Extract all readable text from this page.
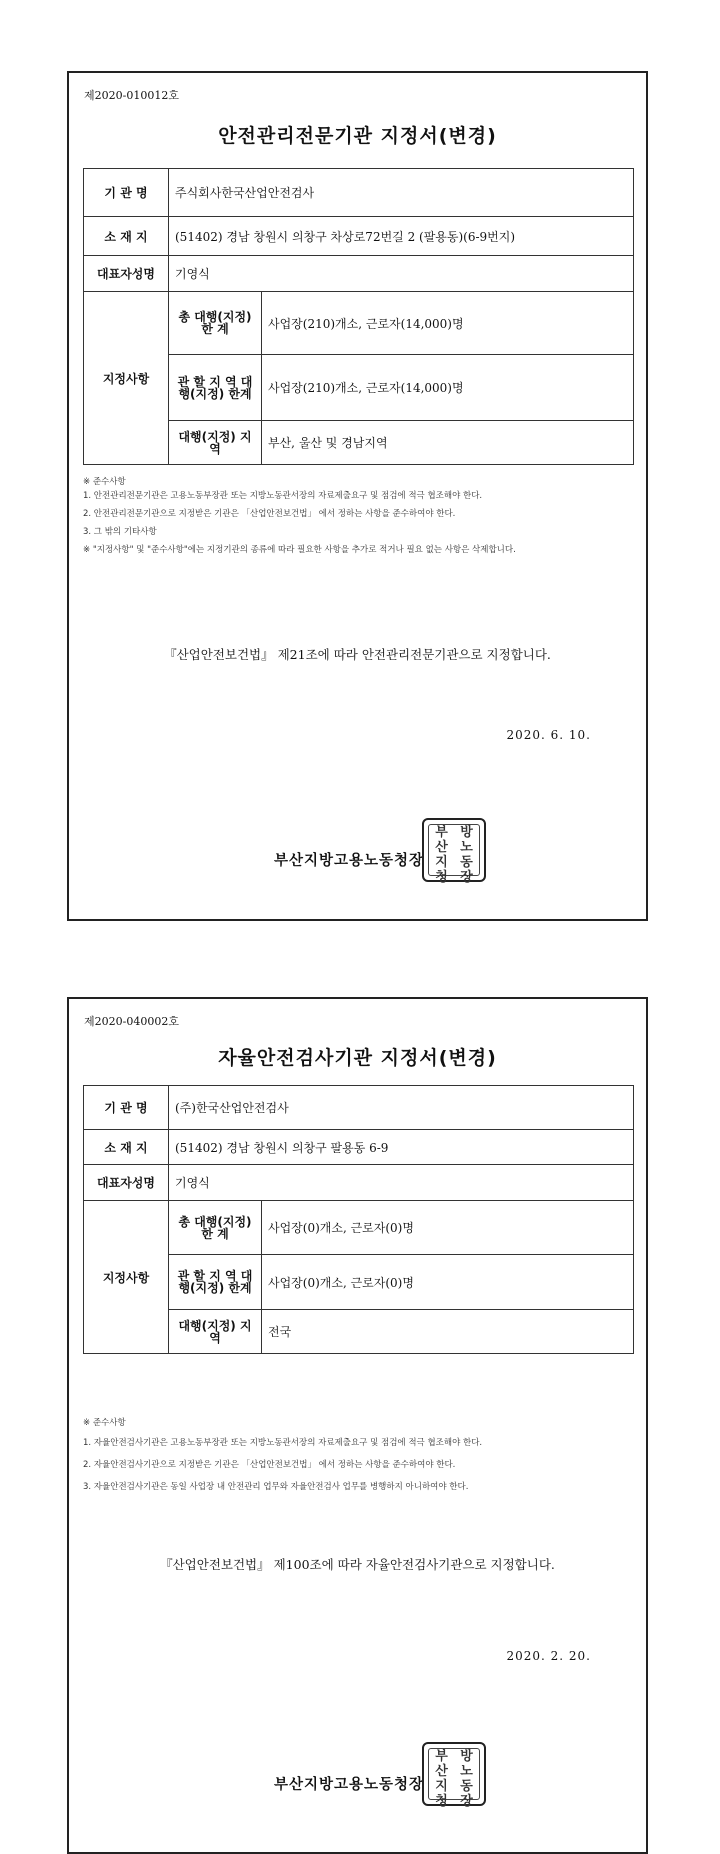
제2020-010012호
안전관리전문기관 지정서(변경)
기 관 명	주식회사한국산업안전검사	
소 재 지	(51402) 경남 창원시 의창구 차상로72번길 2 (팔용동)(6-9번지)	
대표자성명	기영식	
지정사항	총 대행(지정) 한 계	사업장(210)개소, 근로자(14,000)명
	관 할 지 역 대행(지정) 한계	사업장(210)개소, 근로자(14,000)명
	대행(지정) 지역	부산, 울산 및 경남지역
※ 준수사항
1. 안전관리전문기관은 고용노동부장관 또는 지방노동관서장의 자료제출요구 및 점검에 적극 협조해야 한다.
2. 안전관리전문기관으로 지정받은 기관은 「산업안전보건법」 에서 정하는 사항을 준수하여야 한다.
3. 그 밖의 기타사항
※ "지정사항" 및 "준수사항"에는 지정기관의 종류에 따라 필요한 사항을 추가로 적거나 필요 없는 사항은 삭제합니다.
『산업안전보건법』 제21조에 따라 안전관리전문기관으로 지정합니다.
2020. 6. 10.
부산지방고용노동청장
부 방
산 노
지 동
청 장
제2020-040002호
자율안전검사기관 지정서(변경)
기 관 명	(주)한국산업안전검사	
소 재 지	(51402) 경남 창원시 의창구 팔용동 6-9	
대표자성명	기영식	
지정사항	총 대행(지정) 한 계	사업장(0)개소, 근로자(0)명
	관 할 지 역 대행(지정) 한계	사업장(0)개소, 근로자(0)명
	대행(지정) 지역	전국
※ 준수사항
1. 자율안전검사기관은 고용노동부장관 또는 지방노동관서장의 자료제출요구 및 점검에 적극 협조해야 한다.
2. 자율안전검사기관으로 지정받은 기관은 「산업안전보건법」 에서 정하는 사항을 준수하여야 한다.
3. 자율안전검사기관은 동일 사업장 내 안전관리 업무와 자율안전검사 업무를 병행하지 아니하여야 한다.
『산업안전보건법』 제100조에 따라 자율안전검사기관으로 지정합니다.
2020. 2. 20.
부산지방고용노동청장
부 방
산 노
지 동
청 장
